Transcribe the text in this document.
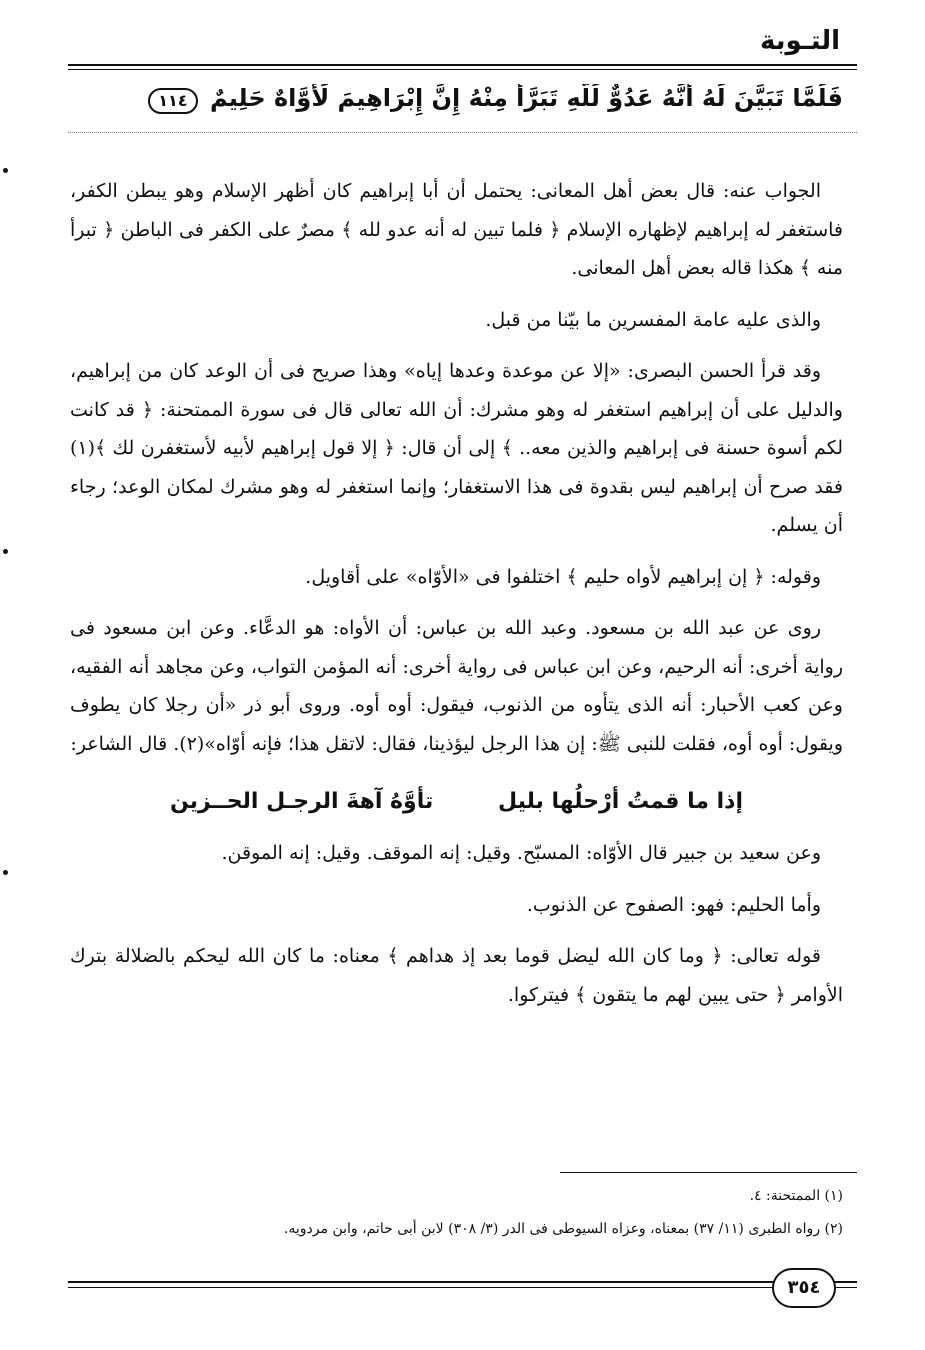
التـوبة
فَلَمَّا تَبَيَّنَ لَهُ أَنَّهُ عَدُوٌّ لِّلَّهِ تَبَرَّأَ مِنْهُ إِنَّ إِبْرَاهِيمَ لَأَوَّاهٌ حَلِيمٌ ١١٤

الجواب عنه: قال بعض أهل المعانى: يحتمل أن أبا إبراهيم كان أظهر الإسلام وهو يبطن الكفر، فاستغفر له إبراهيم لإظهاره الإسلام ﴿ فلما تبين له أنه عدو لله ﴾ مصرٌ على الكفر فى الباطن ﴿ تبرأ منه ﴾ هكذا قاله بعض أهل المعانى.

والذى عليه عامة المفسرين ما بيّنا من قبل.

وقد قرأ الحسن البصرى: «إلا عن موعدة وعدها إياه» وهذا صريح فى أن الوعد كان من إبراهيم، والدليل على أن إبراهيم استغفر له وهو مشرك: أن الله تعالى قال فى سورة الممتحنة: ﴿ قد كانت لكم أسوة حسنة فى إبراهيم والذين معه.. ﴾ إلى أن قال: ﴿ إلا قول إبراهيم لأبيه لأستغفرن لك ﴾(١) فقد صرح أن إبراهيم ليس بقدوة فى هذا الاستغفار؛ وإنما استغفر له وهو مشرك لمكان الوعد؛ رجاء أن يسلم.

وقوله: ﴿ إن إبراهيم لأواه حليم ﴾ اختلفوا فى «الأوّاه» على أقاويل.

روى عن عبد الله بن مسعود. وعبد الله بن عباس: أن الأواه: هو الدعَّاء. وعن ابن مسعود فى رواية أخرى: أنه الرحيم، وعن ابن عباس فى رواية أخرى: أنه المؤمن التواب، وعن مجاهد أنه الفقيه، وعن كعب الأحبار: أنه الذى يتأوه من الذنوب، فيقول: أوه أوه. وروى أبو ذر «أن رجلا كان يطوف ويقول: أوه أوه، فقلت للنبى ﷺ: إن هذا الرجل ليؤذينا، فقال: لاتقل هذا؛ فإنه أوّاه»(٢). قال الشاعر:

إذا ما قمتُ أرْحلُها بليل
تأوَّهُ آهةَ الرجـل الحــزين

وعن سعيد بن جبير قال الأوّاه: المسبّح. وقيل: إنه الموقف. وقيل: إنه الموقن.

وأما الحليم: فهو: الصفوح عن الذنوب.

قوله تعالى: ﴿ وما كان الله ليضل قوما بعد إذ هداهم ﴾ معناه: ما كان الله ليحكم بالضلالة بترك الأوامر ﴿ حتى يبين لهم ما يتقون ﴾ فيتركوا.

(١) الممتحنة: ٤.
(٢) رواه الطبرى (١١/ ٣٧) بمعناه، وعزاه السيوطى فى الدر (٣/ ٣٠٨) لابن أبى حاتم، وابن مردويه.
٣٥٤
